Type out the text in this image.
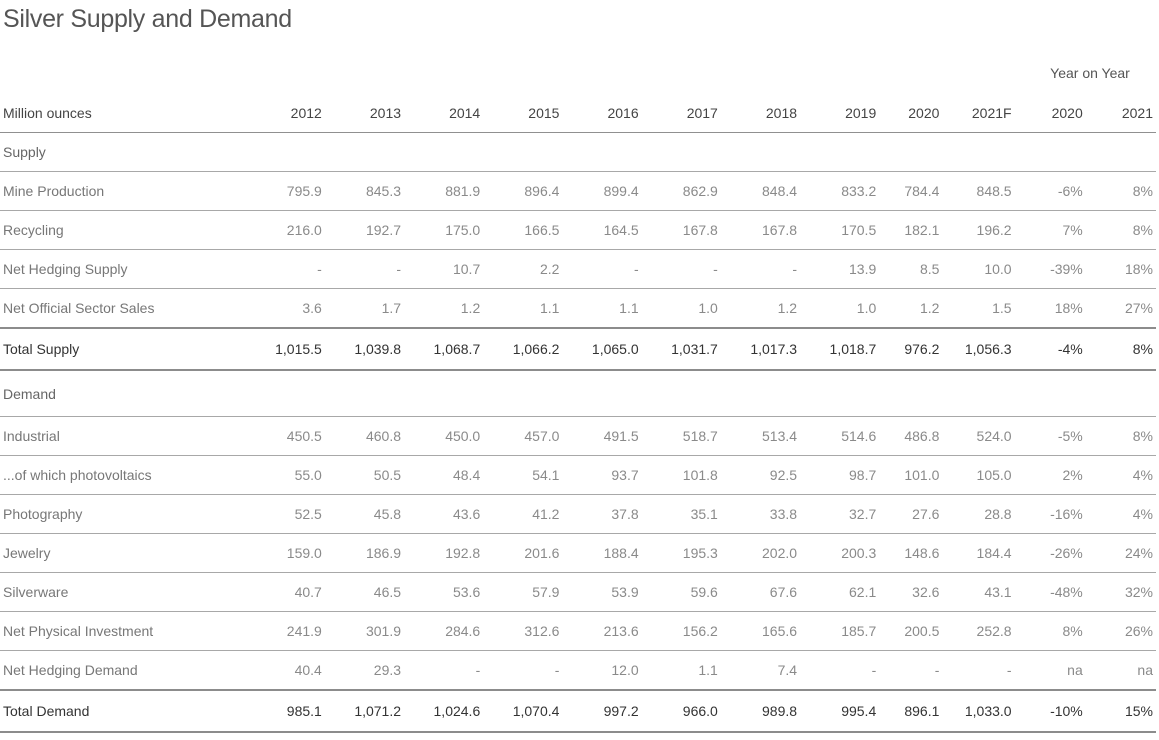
Silver Supply and Demand
Year on Year
Million ounces	2012	2013	2014	2015	2016	2017	2018	2019	2020	2021F	2020	2021
Supply												
Mine Production	795.9	845.3	881.9	896.4	899.4	862.9	848.4	833.2	784.4	848.5	-6%	8%
Recycling	216.0	192.7	175.0	166.5	164.5	167.8	167.8	170.5	182.1	196.2	7%	8%
Net Hedging Supply	-	-	10.7	2.2	-	-	-	13.9	8.5	10.0	-39%	18%
Net Official Sector Sales	3.6	1.7	1.2	1.1	1.1	1.0	1.2	1.0	1.2	1.5	18%	27%
Total Supply	1,015.5	1,039.8	1,068.7	1,066.2	1,065.0	1,031.7	1,017.3	1,018.7	976.2	1,056.3	-4%	8%
Demand												
Industrial	450.5	460.8	450.0	457.0	491.5	518.7	513.4	514.6	486.8	524.0	-5%	8%
...of which photovoltaics	55.0	50.5	48.4	54.1	93.7	101.8	92.5	98.7	101.0	105.0	2%	4%
Photography	52.5	45.8	43.6	41.2	37.8	35.1	33.8	32.7	27.6	28.8	-16%	4%
Jewelry	159.0	186.9	192.8	201.6	188.4	195.3	202.0	200.3	148.6	184.4	-26%	24%
Silverware	40.7	46.5	53.6	57.9	53.9	59.6	67.6	62.1	32.6	43.1	-48%	32%
Net Physical Investment	241.9	301.9	284.6	312.6	213.6	156.2	165.6	185.7	200.5	252.8	8%	26%
Net Hedging Demand	40.4	29.3	-	-	12.0	1.1	7.4	-	-	-	na	na
Total Demand	985.1	1,071.2	1,024.6	1,070.4	997.2	966.0	989.8	995.4	896.1	1,033.0	-10%	15%
